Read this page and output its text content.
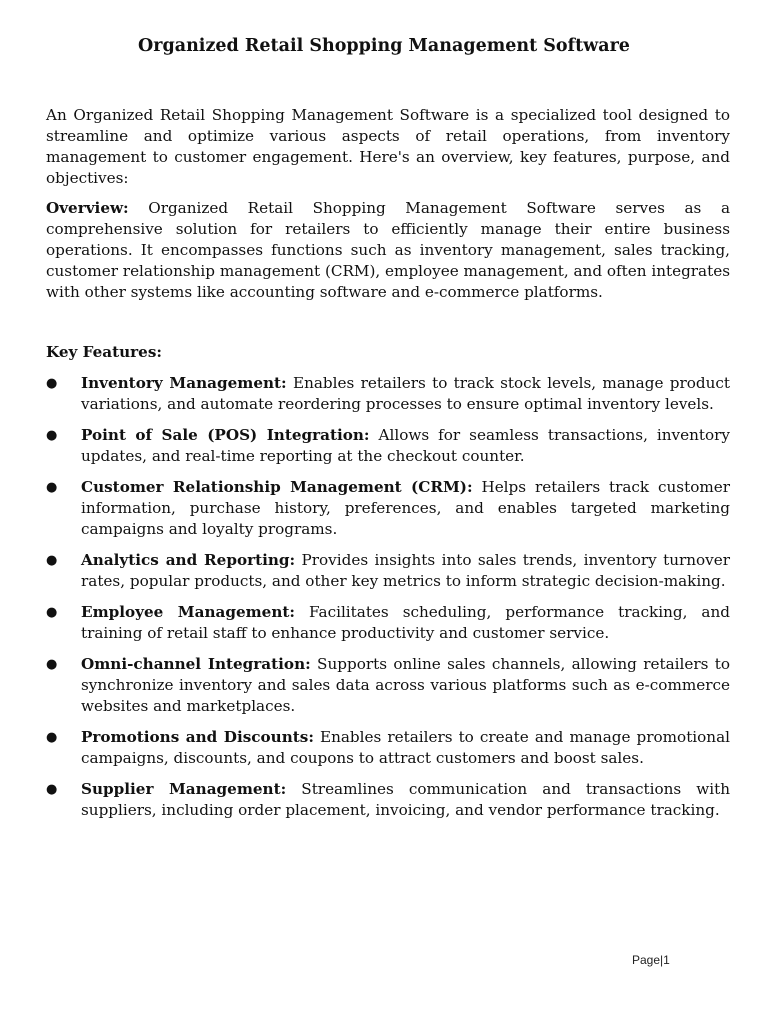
Organized Retail Shopping Management Software

An Organized Retail Shopping Management Software is a specialized tool designed to streamline and optimize various aspects of retail operations, from inventory management to customer engagement. Here's an overview, key features, purpose, and objectives:

Overview: Organized Retail Shopping Management Software serves as a comprehensive solution for retailers to efficiently manage their entire business operations. It encompasses functions such as inventory management, sales tracking, customer relationship management (CRM), employee management, and often integrates with other systems like accounting software and e-commerce platforms.

Key Features:

●	Inventory Management: Enables retailers to track stock levels, manage product variations, and automate reordering processes to ensure optimal inventory levels.
●	Point of Sale (POS) Integration: Allows for seamless transactions, inventory updates, and real-time reporting at the checkout counter.
●	Customer Relationship Management (CRM): Helps retailers track customer information, purchase history, preferences, and enables targeted marketing campaigns and loyalty programs.
●	Analytics and Reporting: Provides insights into sales trends, inventory turnover rates, popular products, and other key metrics to inform strategic decision-making.
●	Employee Management: Facilitates scheduling, performance tracking, and training of retail staff to enhance productivity and customer service.
●	Omni-channel Integration: Supports online sales channels, allowing retailers to synchronize inventory and sales data across various platforms such as e-commerce websites and marketplaces.
●	Promotions and Discounts: Enables retailers to create and manage promotional campaigns, discounts, and coupons to attract customers and boost sales.
●	Supplier Management: Streamlines communication and transactions with suppliers, including order placement, invoicing, and vendor performance tracking.
Page|1
